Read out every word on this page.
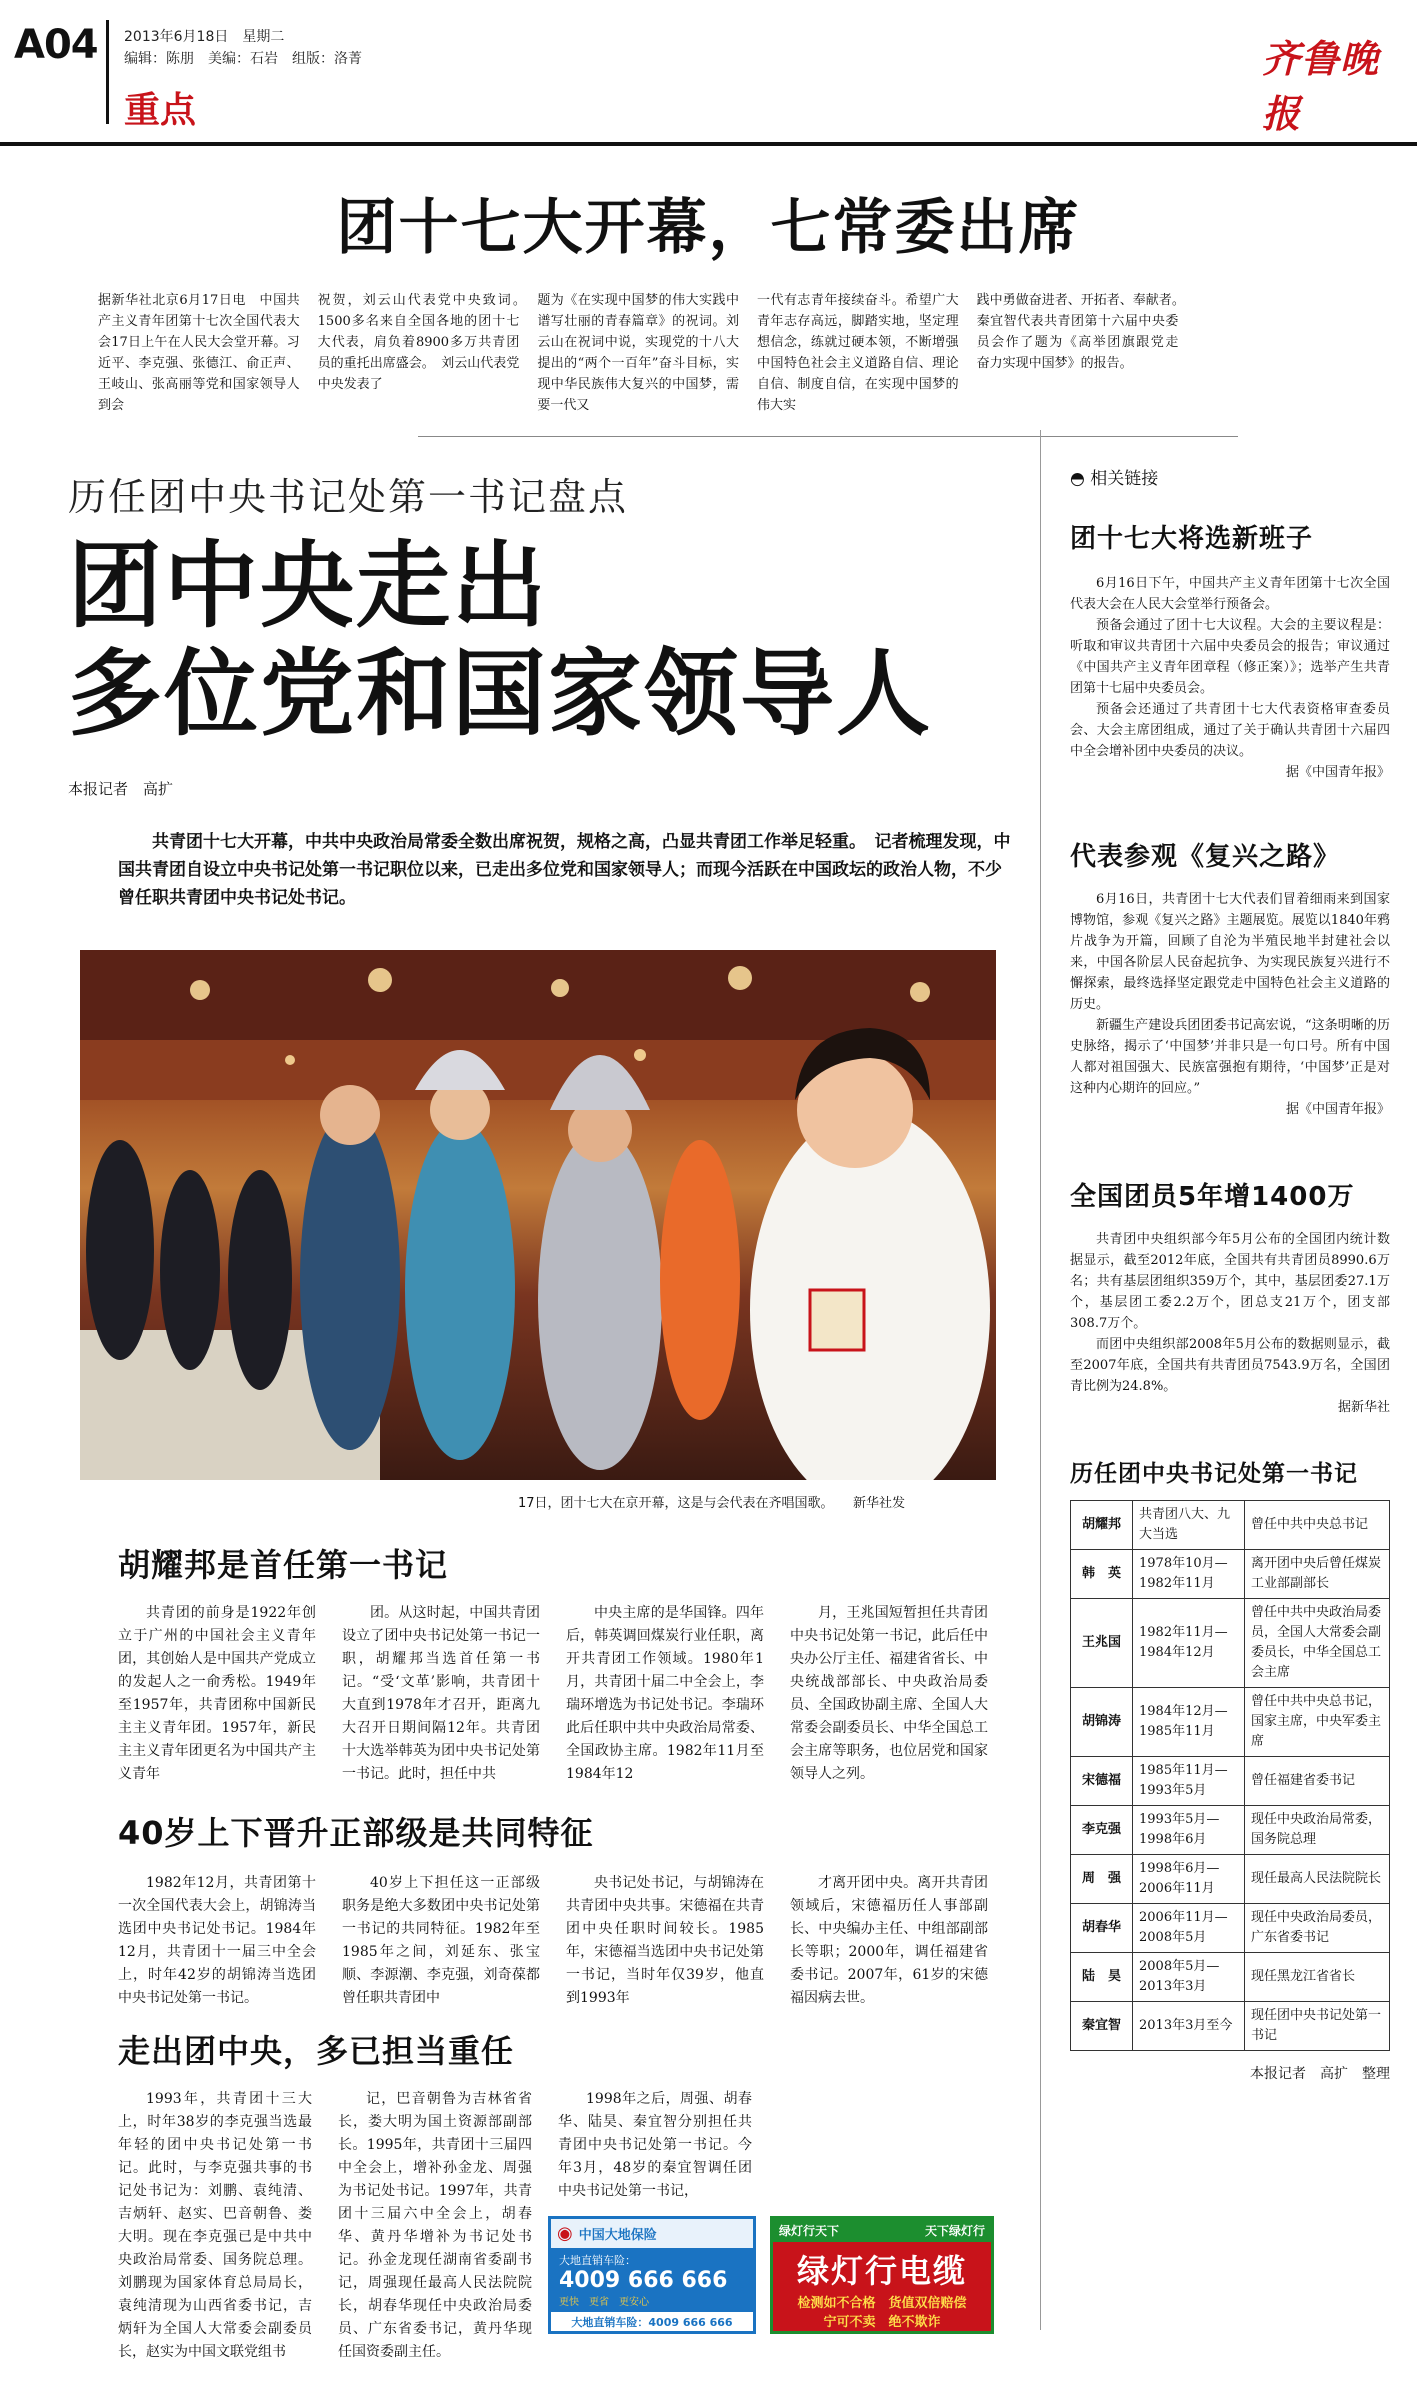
A04 2013年6月18日　星期二
编辑：陈朋　美编：石岩　组版：洛菁
重点
齐鲁晚报
团十七大开幕，七常委出席

据新华社北京6月17日电　中国共产主义青年团第十七次全国代表大会17日上午在人民大会堂开幕。习近平、李克强、张德江、俞正声、王岐山、张高丽等党和国家领导人到会

祝贺，刘云山代表党中央致词。　1500多名来自全国各地的团十七大代表，肩负着8900多万共青团员的重托出席盛会。　刘云山代表党中央发表了

题为《在实现中国梦的伟大实践中谱写壮丽的青春篇章》的祝词。刘云山在祝词中说，实现党的十八大提出的“两个一百年”奋斗目标，实现中华民族伟大复兴的中国梦，需要一代又

一代有志青年接续奋斗。希望广大青年志存高远，脚踏实地，坚定理想信念，练就过硬本领，不断增强中国特色社会主义道路自信、理论自信、制度自信，在实现中国梦的伟大实

践中勇做奋进者、开拓者、奉献者。　秦宜智代表共青团第十六届中央委员会作了题为《高举团旗跟党走　奋力实现中国梦》的报告。

历任团中央书记处第一书记盘点
团中央走出
多位党和国家领导人
本报记者　高扩
共青团十七大开幕，中共中央政治局常委全数出席祝贺，规格之高，凸显共青团工作举足轻重。　记者梳理发现，中国共青团自设立中央书记处第一书记职位以来，已走出多位党和国家领导人；而现今活跃在中国政坛的政治人物，不少曾任职共青团中央书记处书记。
17日，团十七大在京开幕，这是与会代表在齐唱国歌。　　新华社发
胡耀邦是首任第一书记

共青团的前身是1922年创立于广州的中国社会主义青年团，其创始人是中国共产党成立的发起人之一俞秀松。1949年至1957年，共青团称中国新民主主义青年团。1957年，新民主主义青年团更名为中国共产主义青年

团。从这时起，中国共青团设立了团中央书记处第一书记一职，胡耀邦当选首任第一书记。“受‘文革’影响，共青团十大直到1978年才召开，距离九大召开日期间隔12年。共青团十大选举韩英为团中央书记处第一书记。此时，担任中共

中央主席的是华国锋。四年后，韩英调回煤炭行业任职，离开共青团工作领域。1980年1月，共青团十届二中全会上，李瑞环增选为书记处书记。李瑞环此后任职中共中央政治局常委、全国政协主席。1982年11月至1984年12

月，王兆国短暂担任共青团中央书记处第一书记，此后任中央办公厅主任、福建省省长、中央统战部部长、中央政治局委员、全国政协副主席、全国人大常委会副委员长、中华全国总工会主席等职务，也位居党和国家领导人之列。

40岁上下晋升正部级是共同特征

1982年12月，共青团第十一次全国代表大会上，胡锦涛当选团中央书记处书记。1984年12月，共青团十一届三中全会上，时年42岁的胡锦涛当选团中央书记处第一书记。

40岁上下担任这一正部级职务是绝大多数团中央书记处第一书记的共同特征。1982年至1985年之间，刘延东、张宝顺、李源潮、李克强，刘奇葆都曾任职共青团中

央书记处书记，与胡锦涛在共青团中央共事。宋德福在共青团中央任职时间较长。1985年，宋德福当选团中央书记处第一书记，当时年仅39岁，他直到1993年

才离开团中央。离开共青团领域后，宋德福历任人事部副长、中央编办主任、中组部副部长等职；2000年，调任福建省委书记。2007年，61岁的宋德福因病去世。

走出团中央，多已担当重任

1993年，共青团十三大上，时年38岁的李克强当选最年轻的团中央书记处第一书记。此时，与李克强共事的书记处书记为：刘鹏、袁纯清、吉炳轩、赵实、巴音朝鲁、娄大明。现在李克强已是中共中央政治局常委、国务院总理。刘鹏现为国家体育总局局长，袁纯清现为山西省委书记，吉炳轩为全国人大常委会副委员长，赵实为中国文联党组书

记，巴音朝鲁为吉林省省长，娄大明为国土资源部副部长。1995年，共青团十三届四中全会上，增补孙金龙、周强为书记处书记。1997年，共青团十三届六中全会上，胡春华、黄丹华增补为书记处书记。孙金龙现任湖南省委副书记，周强现任最高人民法院院长，胡春华现任中央政治局委员、广东省委书记，黄丹华现任国资委副主任。

1998年之后，周强、胡春华、陆昊、秦宜智分别担任共青团中央书记处第一书记。今年3月，48岁的秦宜智调任团中央书记处第一书记，

◉ 中国大地保险
大地直销车险：
4009 666 666
更快　更省　更安心
大地直销车险：4009 666 666
绿灯行天下	天下绿灯行
绿灯行电缆
检测如不合格　货值双倍赔偿
宁可不卖　绝不欺诈
◓ 相关链接
团十七大将选新班子

6月16日下午，中国共产主义青年团第十七次全国代表大会在人民大会堂举行预备会。

预备会通过了团十七大议程。大会的主要议程是：听取和审议共青团十六届中央委员会的报告；审议通过《中国共产主义青年团章程（修正案）》；选举产生共青团第十七届中央委员会。

预备会还通过了共青团十七大代表资格审查委员会、大会主席团组成，通过了关于确认共青团十六届四中全会增补团中央委员的决议。

据《中国青年报》

代表参观《复兴之路》

6月16日，共青团十七大代表们冒着细雨来到国家博物馆，参观《复兴之路》主题展览。展览以1840年鸦片战争为开篇，回顾了自沦为半殖民地半封建社会以来，中国各阶层人民奋起抗争、为实现民族复兴进行不懈探索，最终选择坚定跟党走中国特色社会主义道路的历史。

新疆生产建设兵团团委书记高宏说，“这条明晰的历史脉络，揭示了‘中国梦’并非只是一句口号。所有中国人都对祖国强大、民族富强抱有期待，‘中国梦’正是对这种内心期许的回应。”

据《中国青年报》

全国团员5年增1400万

共青团中央组织部今年5月公布的全国团内统计数据显示，截至2012年底，全国共有共青团员8990.6万名；共有基层团组织359万个，其中，基层团委27.1万个，基层团工委2.2万个，团总支21万个，团支部308.7万个。

而团中央组织部2008年5月公布的数据则显示，截至2007年底，全国共有共青团员7543.9万名，全国团青比例为24.8%。

据新华社

历任团中央书记处第一书记
胡耀邦	共青团八大、九大当选	曾任中共中央总书记
韩　英	1978年10月—1982年11月	离开团中央后曾任煤炭工业部副部长
王兆国	1982年11月—1984年12月	曾任中共中央政治局委员，全国人大常委会副委员长，中华全国总工会主席
胡锦涛	1984年12月—1985年11月	曾任中共中央总书记，国家主席，中央军委主席
宋德福	1985年11月—1993年5月	曾任福建省委书记
李克强	1993年5月—1998年6月	现任中央政治局常委，国务院总理
周　强	1998年6月—2006年11月	现任最高人民法院院长
胡春华	2006年11月—2008年5月	现任中央政治局委员，广东省委书记
陆　昊	2008年5月—2013年3月	现任黑龙江省省长
秦宜智	2013年3月至今	现任团中央书记处第一书记
本报记者　高扩　整理
